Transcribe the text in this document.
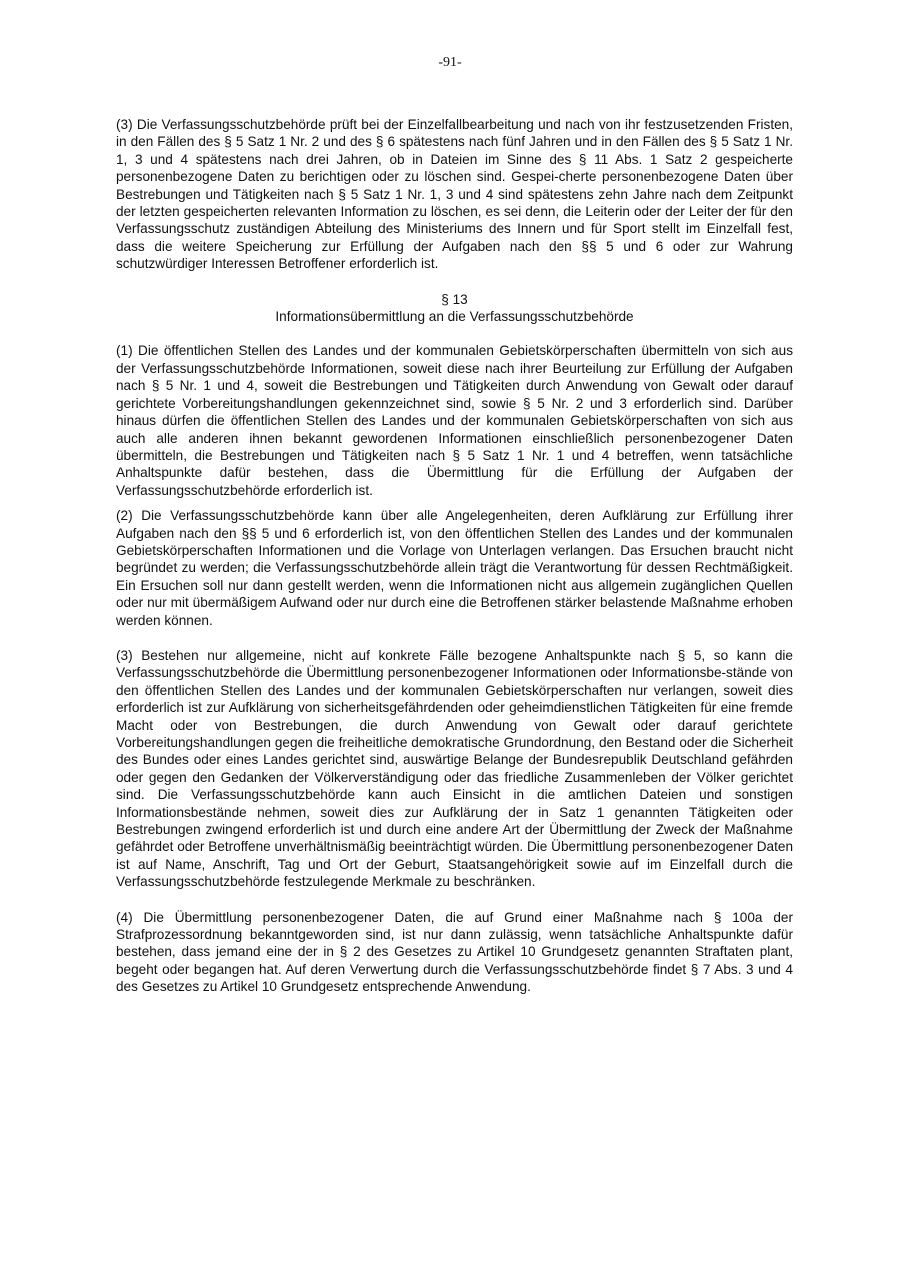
-91-

(3) Die Verfassungsschutzbehörde prüft bei der Einzelfallbearbeitung und nach von ihr festzusetzenden Fristen, in den Fällen des § 5 Satz 1 Nr. 2 und des § 6 spätestens nach fünf Jahren und in den Fällen des § 5 Satz 1 Nr. 1, 3 und 4 spätestens nach drei Jahren, ob in Dateien im Sinne des § 11 Abs. 1 Satz 2 gespeicherte personenbezogene Daten zu berichtigen oder zu löschen sind. Gespei-cherte personenbezogene Daten über Bestrebungen und Tätigkeiten nach § 5 Satz 1 Nr. 1, 3 und 4 sind spätestens zehn Jahre nach dem Zeitpunkt der letzten gespeicherten relevanten Information zu löschen, es sei denn, die Leiterin oder der Leiter der für den Verfassungsschutz zuständigen Abteilung des Ministeriums des Innern und für Sport stellt im Einzelfall fest, dass die weitere Speicherung zur Erfüllung der Aufgaben nach den §§ 5 und 6 oder zur Wahrung schutzwürdiger Interessen Betroffener erforderlich ist.

§ 13
Informationsübermittlung an die Verfassungsschutzbehörde

(1) Die öffentlichen Stellen des Landes und der kommunalen Gebietskörperschaften übermitteln von sich aus der Verfassungsschutzbehörde Informationen, soweit diese nach ihrer Beurteilung zur Erfüllung der Aufgaben nach § 5 Nr. 1 und 4, soweit die Bestrebungen und Tätigkeiten durch Anwendung von Gewalt oder darauf gerichtete Vorbereitungshandlungen gekennzeichnet sind, sowie § 5 Nr. 2 und 3 erforderlich sind. Darüber hinaus dürfen die öffentlichen Stellen des Landes und der kommunalen Gebietskörperschaften von sich aus auch alle anderen ihnen bekannt gewordenen Informationen einschließlich personenbezogener Daten übermitteln, die Bestrebungen und Tätigkeiten nach § 5 Satz 1 Nr. 1 und 4 betreffen, wenn tatsächliche Anhaltspunkte dafür bestehen, dass die Übermittlung für die Erfüllung der Aufgaben der Verfassungsschutzbehörde erforderlich ist.

(2) Die Verfassungsschutzbehörde kann über alle Angelegenheiten, deren Aufklärung zur Erfüllung ihrer Aufgaben nach den §§ 5 und 6 erforderlich ist, von den öffentlichen Stellen des Landes und der kommunalen Gebietskörperschaften Informationen und die Vorlage von Unterlagen verlangen. Das Ersuchen braucht nicht begründet zu werden; die Verfassungsschutzbehörde allein trägt die Verantwortung für dessen Rechtmäßigkeit. Ein Ersuchen soll nur dann gestellt werden, wenn die Informationen nicht aus allgemein zugänglichen Quellen oder nur mit übermäßigem Aufwand oder nur durch eine die Betroffenen stärker belastende Maßnahme erhoben werden können.

(3) Bestehen nur allgemeine, nicht auf konkrete Fälle bezogene Anhaltspunkte nach § 5, so kann die Verfassungsschutzbehörde die Übermittlung personenbezogener Informationen oder Informationsbe-stände von den öffentlichen Stellen des Landes und der kommunalen Gebietskörperschaften nur verlangen, soweit dies erforderlich ist zur Aufklärung von sicherheitsgefährdenden oder geheimdienstlichen Tätigkeiten für eine fremde Macht oder von Bestrebungen, die durch Anwendung von Gewalt oder darauf gerichtete Vorbereitungshandlungen gegen die freiheitliche demokratische Grundordnung, den Bestand oder die Sicherheit des Bundes oder eines Landes gerichtet sind, auswärtige Belange der Bundesrepublik Deutschland gefährden oder gegen den Gedanken der Völkerverständigung oder das friedliche Zusammenleben der Völker gerichtet sind. Die Verfassungsschutzbehörde kann auch Einsicht in die amtlichen Dateien und sonstigen Informationsbestände nehmen, soweit dies zur Aufklärung der in Satz 1 genannten Tätigkeiten oder Bestrebungen zwingend erforderlich ist und durch eine andere Art der Übermittlung der Zweck der Maßnahme gefährdet oder Betroffene unverhältnismäßig beeinträchtigt würden. Die Übermittlung personenbezogener Daten ist auf Name, Anschrift, Tag und Ort der Geburt, Staatsangehörigkeit sowie auf im Einzelfall durch die Verfassungsschutzbehörde festzulegende Merkmale zu beschränken.

(4) Die Übermittlung personenbezogener Daten, die auf Grund einer Maßnahme nach § 100a der Strafprozessordnung bekanntgeworden sind, ist nur dann zulässig, wenn tatsächliche Anhaltspunkte dafür bestehen, dass jemand eine der in § 2 des Gesetzes zu Artikel 10 Grundgesetz genannten Straftaten plant, begeht oder begangen hat. Auf deren Verwertung durch die Verfassungsschutzbehörde findet § 7 Abs. 3 und 4 des Gesetzes zu Artikel 10 Grundgesetz entsprechende Anwendung.
